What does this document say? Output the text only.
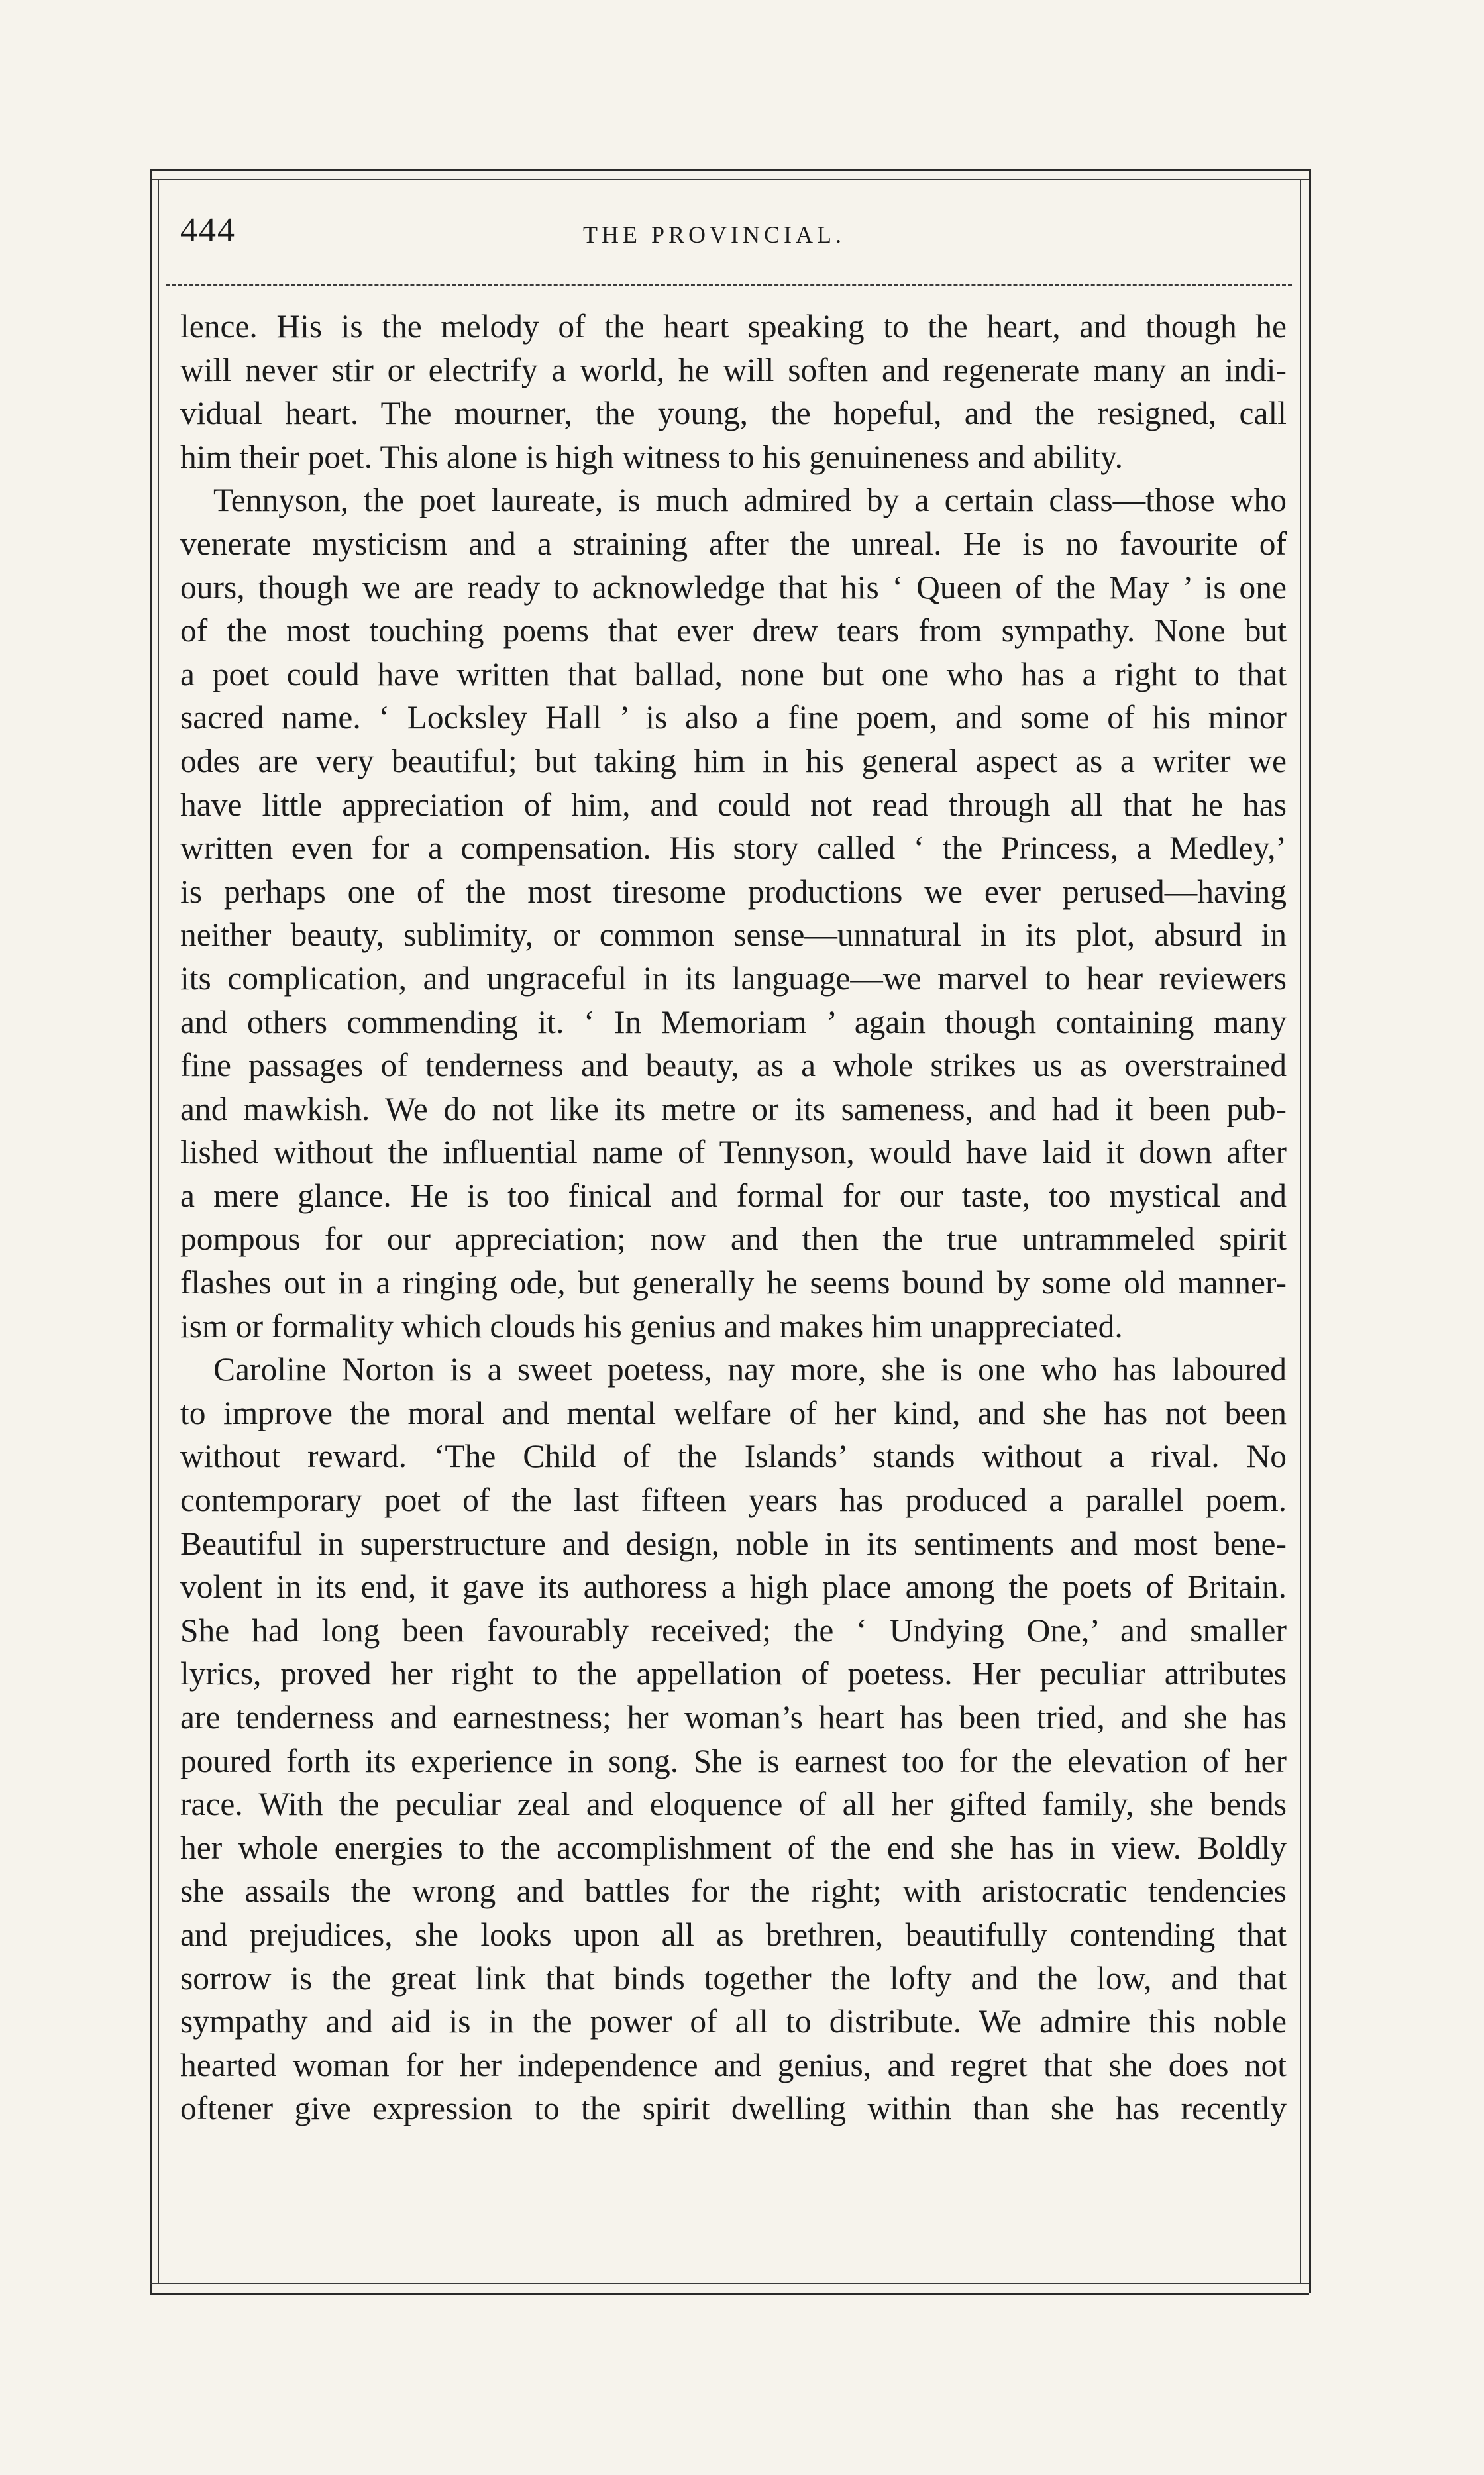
444	THE PROVINCIAL.
lence. His is the melody of the heart speaking to the heart, and though he
will never stir or electrify a world, he will soften and regenerate many an indi-
vidual heart. The mourner, the young, the hopeful, and the resigned, call
him their poet. This alone is high witness to his genuineness and ability.
Tennyson, the poet laureate, is much admired by a certain class—those who
venerate mysticism and a straining after the unreal. He is no favourite of
ours, though we are ready to acknowledge that his ‘ Queen of the May ’ is one
of the most touching poems that ever drew tears from sympathy. None but
a poet could have written that ballad, none but one who has a right to that
sacred name. ‘ Locksley Hall ’ is also a fine poem, and some of his minor
odes are very beautiful; but taking him in his general aspect as a writer we
have little appreciation of him, and could not read through all that he has
written even for a compensation. His story called ‘ the Princess, a Medley,’
is perhaps one of the most tiresome productions we ever perused—having
neither beauty, sublimity, or common sense—unnatural in its plot, absurd in
its complication, and ungraceful in its language—we marvel to hear reviewers
and others commending it. ‘ In Memoriam ’ again though containing many
fine passages of tenderness and beauty, as a whole strikes us as overstrained
and mawkish. We do not like its metre or its sameness, and had it been pub-
lished without the influential name of Tennyson, would have laid it down after
a mere glance. He is too finical and formal for our taste, too mystical and
pompous for our appreciation; now and then the true untrammeled spirit
flashes out in a ringing ode, but generally he seems bound by some old manner-
ism or formality which clouds his genius and makes him unappreciated.
Caroline Norton is a sweet poetess, nay more, she is one who has laboured
to improve the moral and mental welfare of her kind, and she has not been
without reward. ‘The Child of the Islands’ stands without a rival. No
contemporary poet of the last fifteen years has produced a parallel poem.
Beautiful in superstructure and design, noble in its sentiments and most bene-
volent in its end, it gave its authoress a high place among the poets of Britain.
She had long been favourably received; the ‘ Undying One,’ and smaller
lyrics, proved her right to the appellation of poetess. Her peculiar attributes
are tenderness and earnestness; her woman’s heart has been tried, and she has
poured forth its experience in song. She is earnest too for the elevation of her
race. With the peculiar zeal and eloquence of all her gifted family, she bends
her whole energies to the accomplishment of the end she has in view. Boldly
she assails the wrong and battles for the right; with aristocratic tendencies
and prejudices, she looks upon all as brethren, beautifully contending that
sorrow is the great link that binds together the lofty and the low, and that
sympathy and aid is in the power of all to distribute. We admire this noble
hearted woman for her independence and genius, and regret that she does not
oftener give expression to the spirit dwelling within than she has recently
